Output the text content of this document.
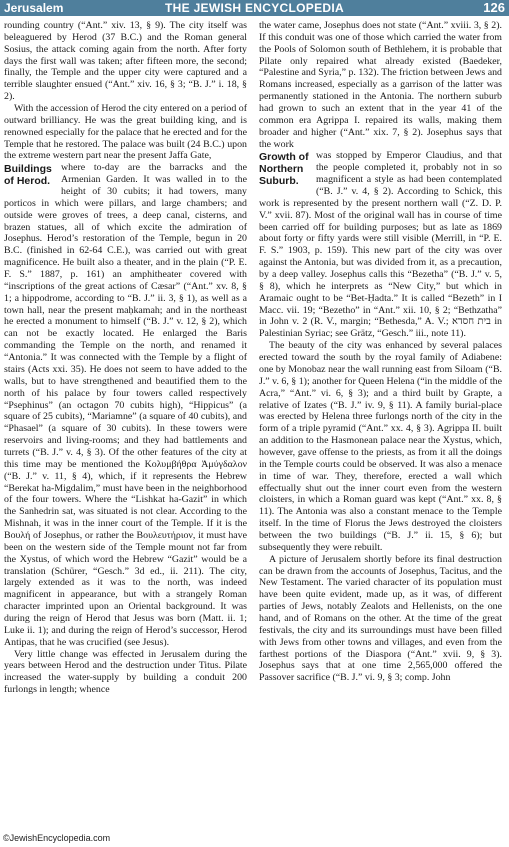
Jerusalem	THE JEWISH ENCYCLOPEDIA	126

rounding country (“Ant.” xiv. 13, § 9). The city itself was beleaguered by Herod (37 B.C.) and the Roman general Sosius, the attack coming again from the north. After forty days the first wall was taken; after fifteen more, the second; finally, the Temple and the upper city were captured and a terrible slaughter ensued (“Ant.” xiv. 16, § 3; “B. J.” i. 18, § 2).

With the accession of Herod the city entered on a period of outward brilliancy. He was the great building king, and is renowned especially for the palace that he erected and for the Temple that he restored. The palace was built (24 B.C.) upon the extreme western part near the present Jaffa Gate,

Buildings of Herod.
where to-day are the barracks and the Armenian Garden. It was walled in to the height of 30 cubits; it had towers, many porticos in which were pillars, and large chambers; and outside were groves of trees, a deep canal, cisterns, and brazen statues, all of which excite the admiration of Josephus. Herod’s restoration of the Temple, begun in 20 B.C. (finished in 62-64 C.E.), was carried out with great magnificence. He built also a theater, and in the plain (“P. E. F. S.” 1887, p. 161) an amphitheater covered with “inscriptions of the great actions of Cæsar” (“Ant.” xv. 8, § 1; a hippodrome, according to “B. J.” ii. 3, § 1), as well as a town hall, near the present maḥkamah; and in the northeast he erected a monument to himself (“B. J.” v. 12, § 2), which can not be exactly located. He enlarged the Baris commanding the Temple on the north, and renamed it “Antonia.” It was connected with the Temple by a flight of stairs (Acts xxi. 35). He does not seem to have added to the walls, but to have strengthened and beautified them to the north of his palace by four towers called respectively “Psephinus” (an octagon 70 cubits high), “Hippicus” (a square of 25 cubits), “Mariamne” (a square of 40 cubits), and “Phasael” (a square of 30 cubits). In these towers were reservoirs and living-rooms; and they had battlements and turrets (“B. J.” v. 4, § 3). Of the other features of the city at this time may be mentioned the Κολυμβήθρα Ἀμύγδαλον (“B. J.” v. 11, § 4), which, if it represents the Hebrew “Berekat ha-Migdalim,” must have been in the neighborhood of the four towers. Where the “Lishkat ha-Gazit” in which the Sanhedrin sat, was situated is not clear. According to the Mishnah, it was in the inner court of the Temple. If it is the Βουλή of Josephus, or rather the Βουλευτήριον, it must have been on the western side of the Temple mount not far from the Xystus, of which word the Hebrew “Gazit” would be a translation (Schürer, “Gesch.” 3d ed., ii. 211). The city, largely extended as it was to the north, was indeed magnificent in appearance, but with a strangely Roman character imprinted upon an Oriental background. It was during the reign of Herod that Jesus was born (Matt. ii. 1; Luke ii. 1); and during the reign of Herod’s successor, Herod Antipas, that he was crucified (see Jesus).

Very little change was effected in Jerusalem during the years between Herod and the destruction under Titus. Pilate increased the water-supply by building a conduit 200 furlongs in length; whence

the water came, Josephus does not state (“Ant.” xviii. 3, § 2). If this conduit was one of those which carried the water from the Pools of Solomon south of Bethlehem, it is probable that Pilate only repaired what already existed (Baedeker, “Palestine and Syria,” p. 132). The friction between Jews and Romans increased, especially as a garrison of the latter was permanently stationed in the Antonia. The northern suburb had grown to such an extent that in the year 41 of the common era Agrippa I. repaired its walls, making them broader and higher (“Ant.” xix. 7, § 2). Josephus says that the work

Growth of Northern Suburb.
was stopped by Emperor Claudius, and that the people completed it, probably not in so magnificent a style as had been contemplated (“B. J.” v. 4, § 2). According to Schick, this work is represented by the present northern wall (“Z. D. P. V.” xvii. 87). Most of the original wall has in course of time been carried off for building purposes; but as late as 1869 about forty or fifty yards were still visible (Merrill, in “P. E. F. S.” 1903, p. 159). This new part of the city was over against the Antonia, but was divided from it, as a precaution, by a deep valley. Josephus calls this “Bezetha” (“B. J.” v. 5, § 8), which he interprets as “New City,” but which in Aramaic ought to be “Bet-Ḥadta.” It is called “Bezeth” in I Macc. vii. 19; “Bezetho” in “Ant.” xii. 10, § 2; “Bethzatha” in John v. 2 (R. V., margin; “Bethesda,” A. V.; בית חסדא in Palestinian Syriac; see Grätz, “Gesch.” iii., note 11).

The beauty of the city was enhanced by several palaces erected toward the south by the royal family of Adiabene: one by Monobaz near the wall running east from Siloam (“B. J.” v. 6, § 1); another for Queen Helena (“in the middle of the Acra,” “Ant.” vi. 6, § 3); and a third built by Grapte, a relative of Izates (“B. J.” iv. 9, § 11). A family burial-place was erected by Helena three furlongs north of the city in the form of a triple pyramid (“Ant.” xx. 4, § 3). Agrippa II. built an addition to the Hasmonean palace near the Xystus, which, however, gave offense to the priests, as from it all the doings in the Temple courts could be observed. It was also a menace in time of war. They, therefore, erected a wall which effectually shut out the inner court even from the western cloisters, in which a Roman guard was kept (“Ant.” xx. 8, § 11). The Antonia was also a constant menace to the Temple itself. In the time of Florus the Jews destroyed the cloisters between the two buildings (“B. J.” ii. 15, § 6); but subsequently they were rebuilt.

A picture of Jerusalem shortly before its final destruction can be drawn from the accounts of Josephus, Tacitus, and the New Testament. The varied character of its population must have been quite evident, made up, as it was, of different parties of Jews, notably Zealots and Hellenists, on the one hand, and of Romans on the other. At the time of the great festivals, the city and its surroundings must have been filled with Jews from other towns and villages, and even from the farthest portions of the Diaspora (“Ant.” xvii. 9, § 3). Josephus says that at one time 2,565,000 offered the Passover sacrifice (“B. J.” vi. 9, § 3; comp. John

©JewishEncyclopedia.com
